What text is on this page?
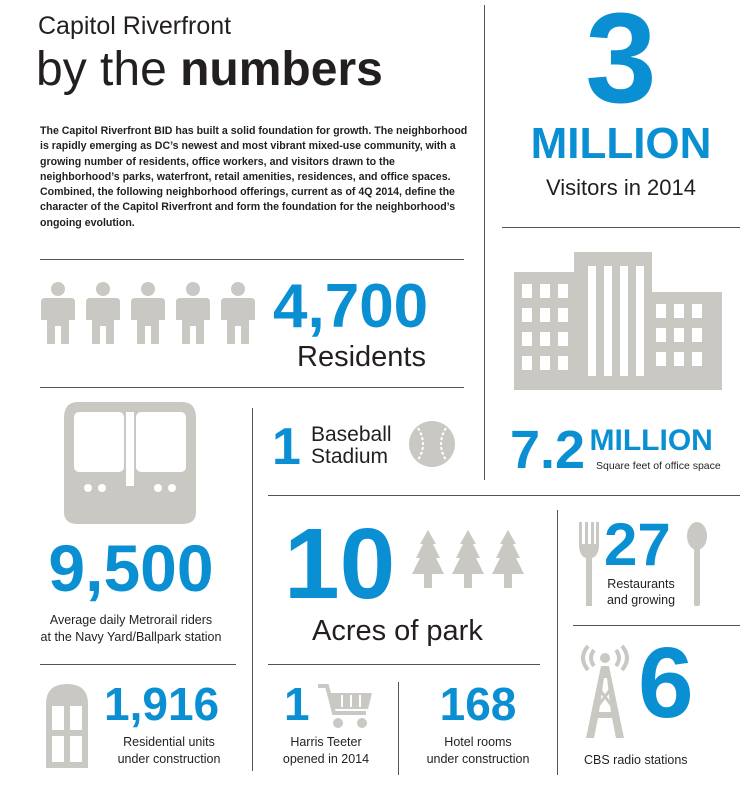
Capitol Riverfront
by the numbers
The Capitol Riverfront BID has built a solid foundation for growth. The neighborhood is rapidly emerging as DC’s newest and most vibrant mixed-use community, with a growing number of residents, office workers, and visitors drawn to the neighborhood’s parks, waterfront, retail amenities, residences, and office spaces. Combined, the following neighborhood offerings, current as of 4Q 2014, define the character of the Capitol Riverfront and form the foundation for the neighborhood’s ongoing evolution.
3
MILLION
Visitors in 2014
4,700
Residents
7.2 MILLION
Square feet of office space
1 Baseball
Stadium
9,500
Average daily Metrorail riders
at the Navy Yard/Ballpark station
10
Acres of park
27
Restaurants
and growing
1,916
Residential units
under construction
1
Harris Teeter
opened in 2014
168
Hotel rooms
under construction
6
CBS radio stations
